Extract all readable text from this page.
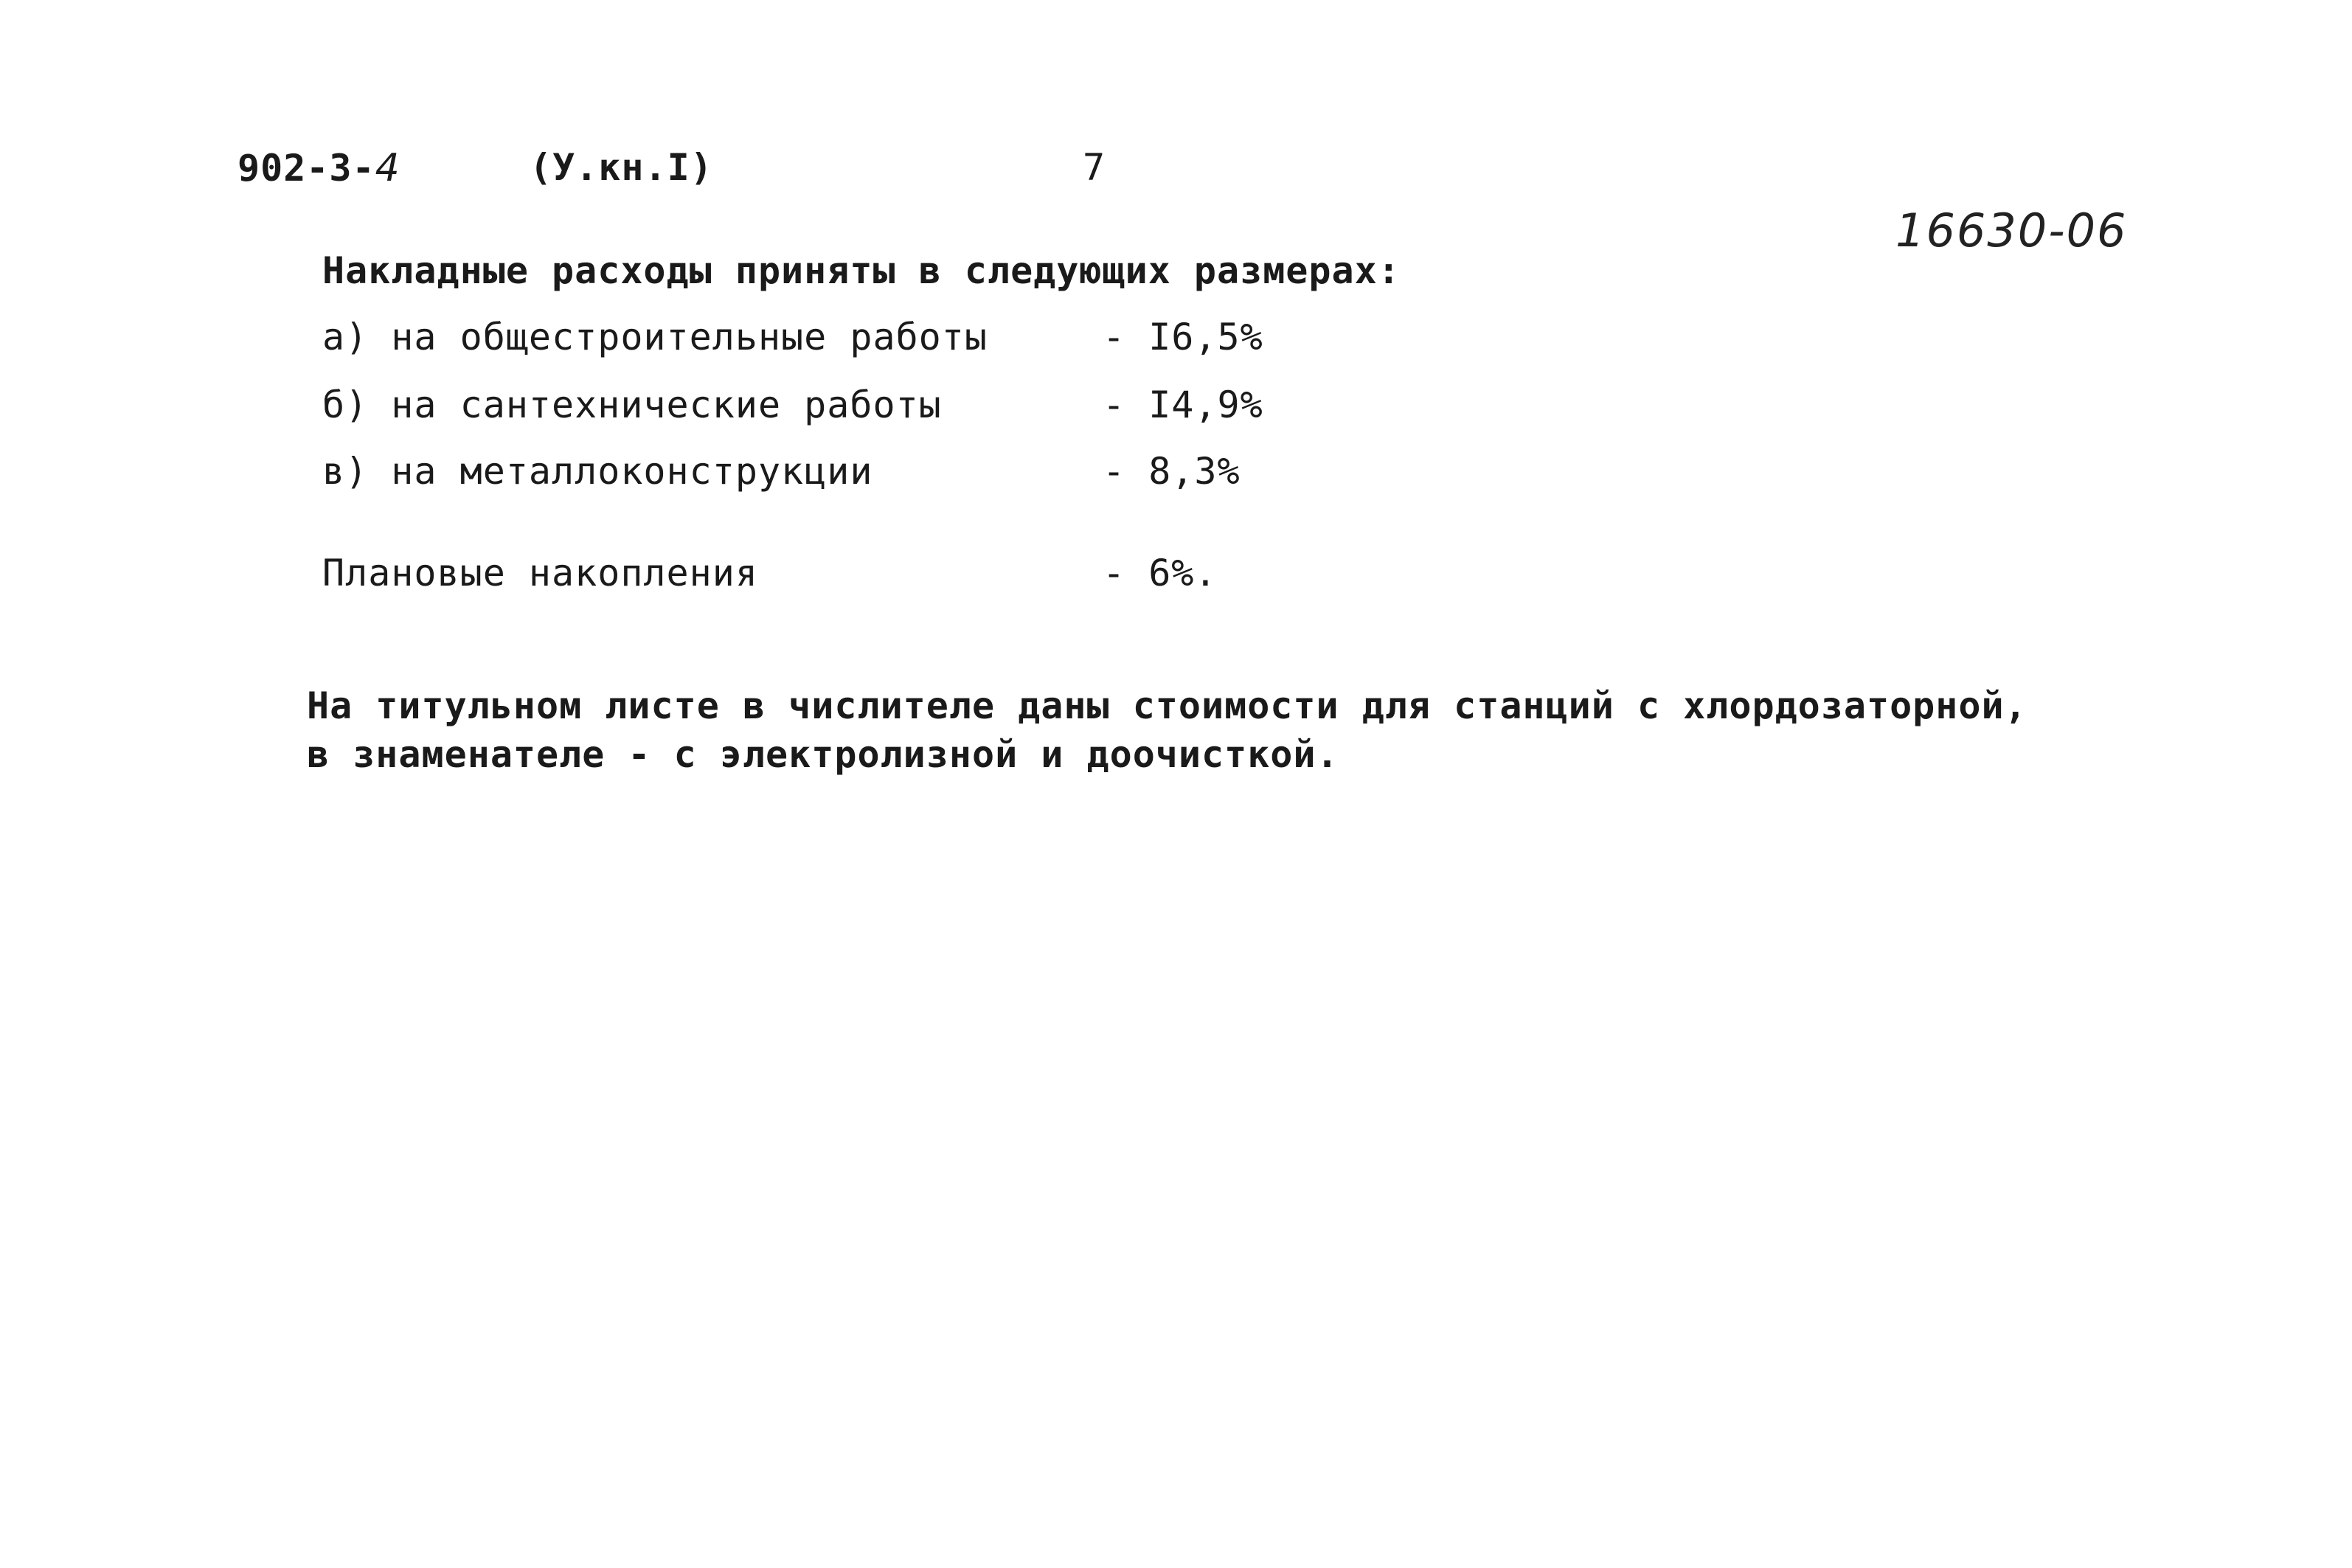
902-3-4	(У.кн.I)	7
16630-06
Накладные расходы приняты в следующих размерах:
а) на общестроительные работы	- I6,5%
б) на сантехнические работы	- I4,9%
в) на металлоконструкции	- 8,3%
Плановые накопления	- 6%.
На титульном листе в числителе даны стоимости для станций с хлордозаторной,
в знаменателе - с электролизной и доочисткой.
